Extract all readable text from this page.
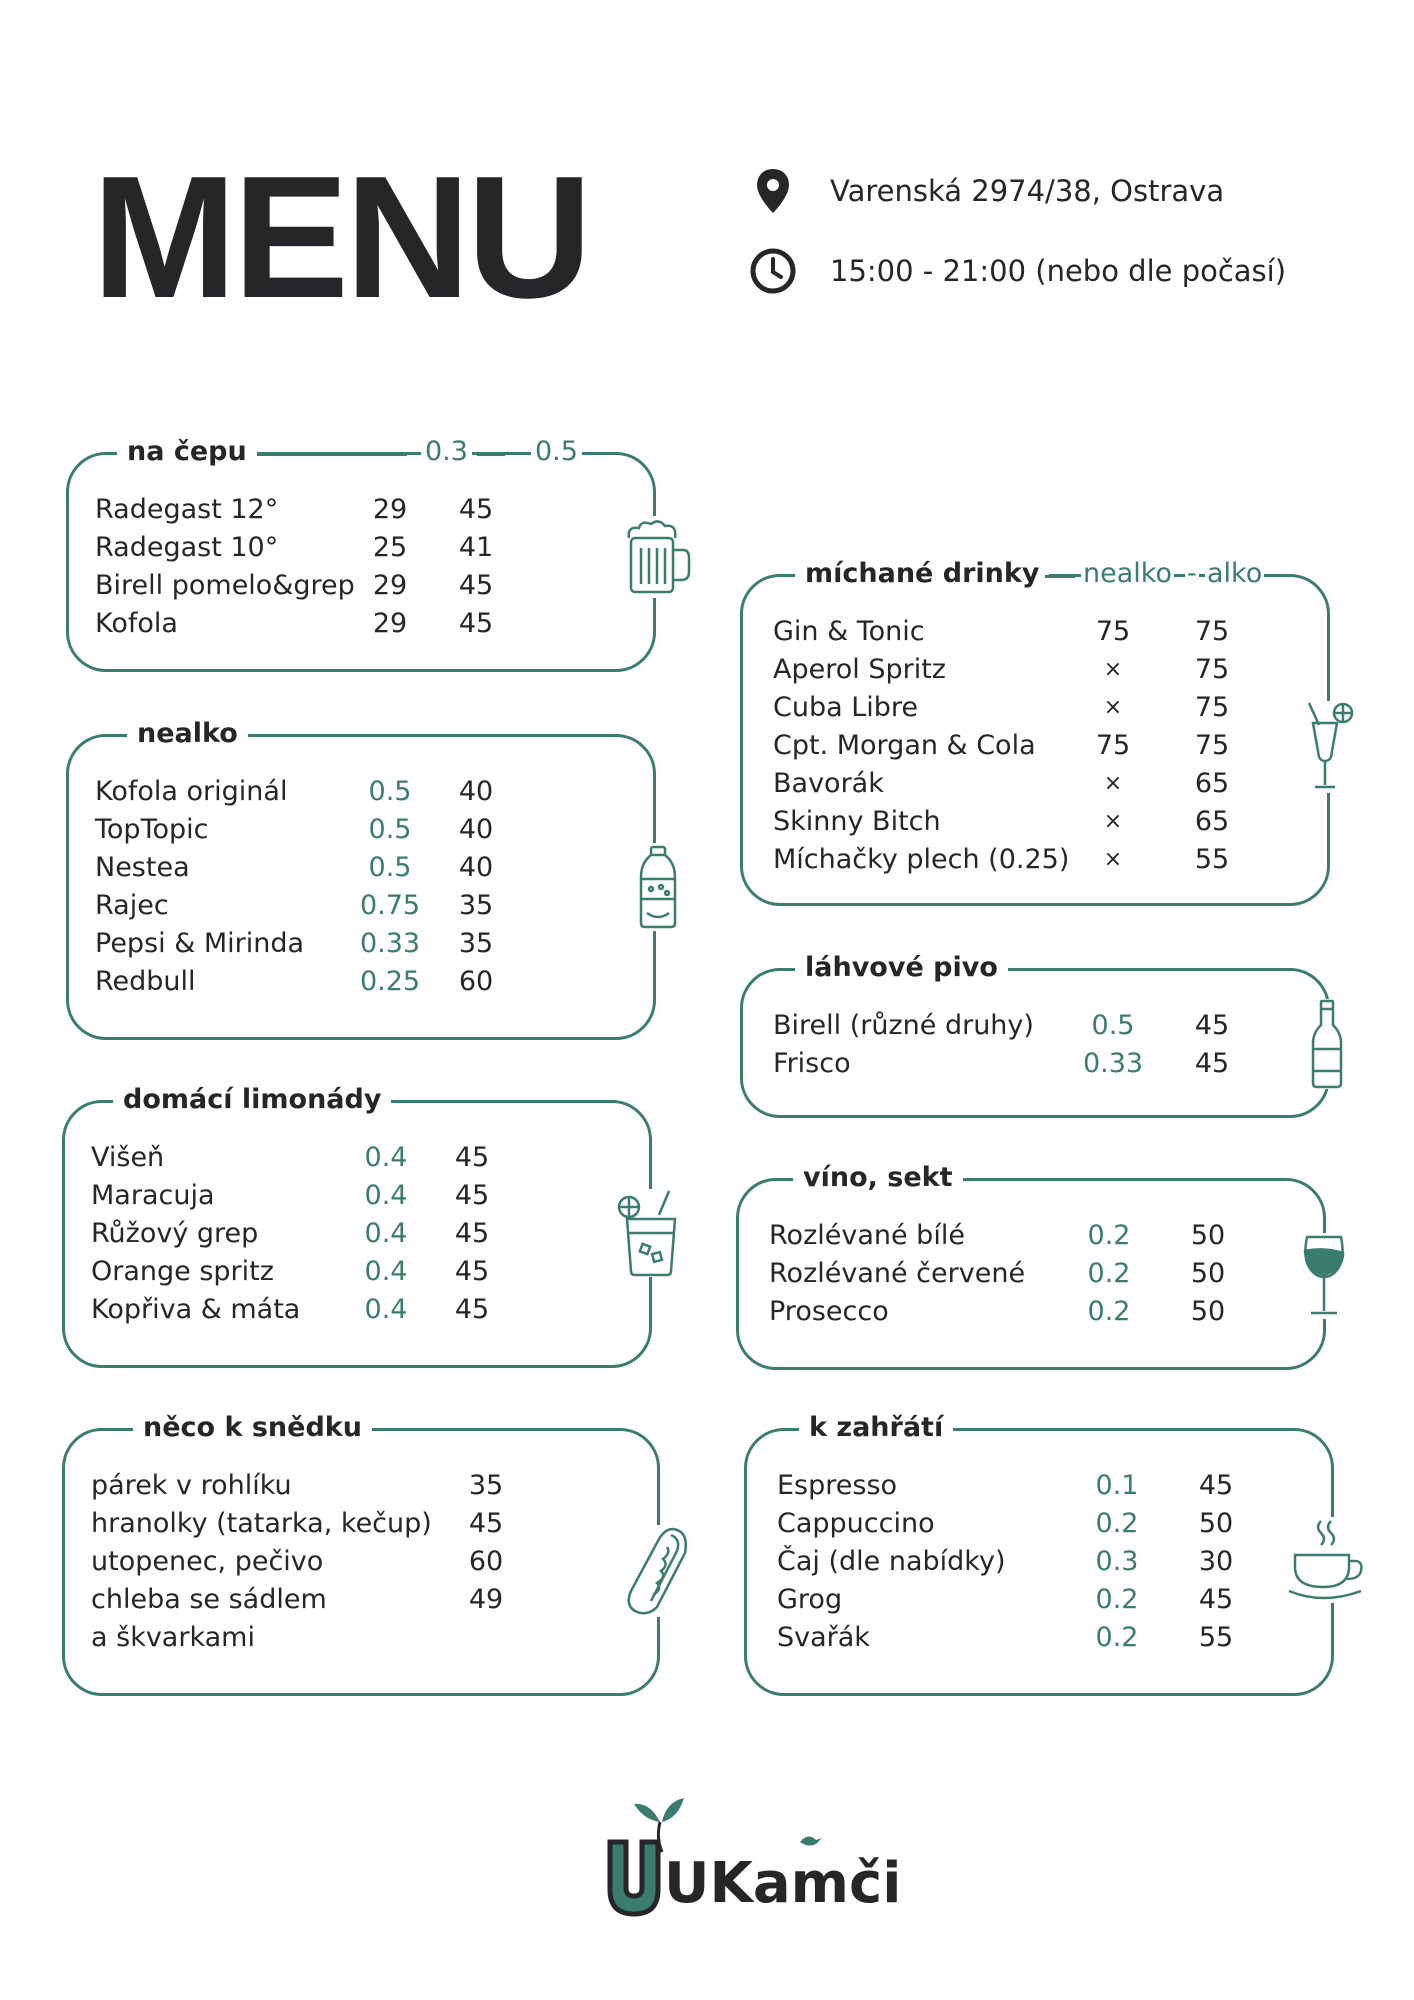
MENU	Varenská 2974/38, Ostrava
15:00 - 21:00 (nebo dle počasí)
na čepu	0.3 0.5
Radegast 12°	29	45
Radegast 10°	25	41
Birell pomelo&grep 29	45
Kofola	29	45
nealko
Kofola originál	0.5	40
TopTopic	0.5	40
Nestea	0.5	40
Rajec	0.75	35
Pepsi & Mirinda	0.33	35
Redbull	0.25	60
domácí limonády
Višeň	0.4	45
Maracuja	0.4	45
Růžový grep	0.4	45
Orange spritz	0.4	45
Kopřiva & máta	0.4	45
něco k snědku
párek v rohlíku	35
hranolky (tatarka, kečup)	45
utopenec, pečivo	60
chleba se sádlem	49
a škvarkami
míchané drinky	nealko - alko
Gin & Tonic	75	75
Aperol Spritz	×	75
Cuba Libre	×	75
Cpt. Morgan & Cola	75	75
Bavorák	×	65
Skinny Bitch	×	65
Míchačky plech (0.25)	×	55
láhvové pivo
Birell (různé druhy)	0.5	45
Frisco	0.33	45
víno, sekt
Rozlévané bílé	0.2	50
Rozlévané červené	0.2	50
Prosecco	0.2	50
k zahřátí
Espresso	0.1	45
Cappuccino	0.2	50
Čaj (dle nabídky)	0.3	30
Grog	0.2	45
Svařák	0.2	55
UKamči
